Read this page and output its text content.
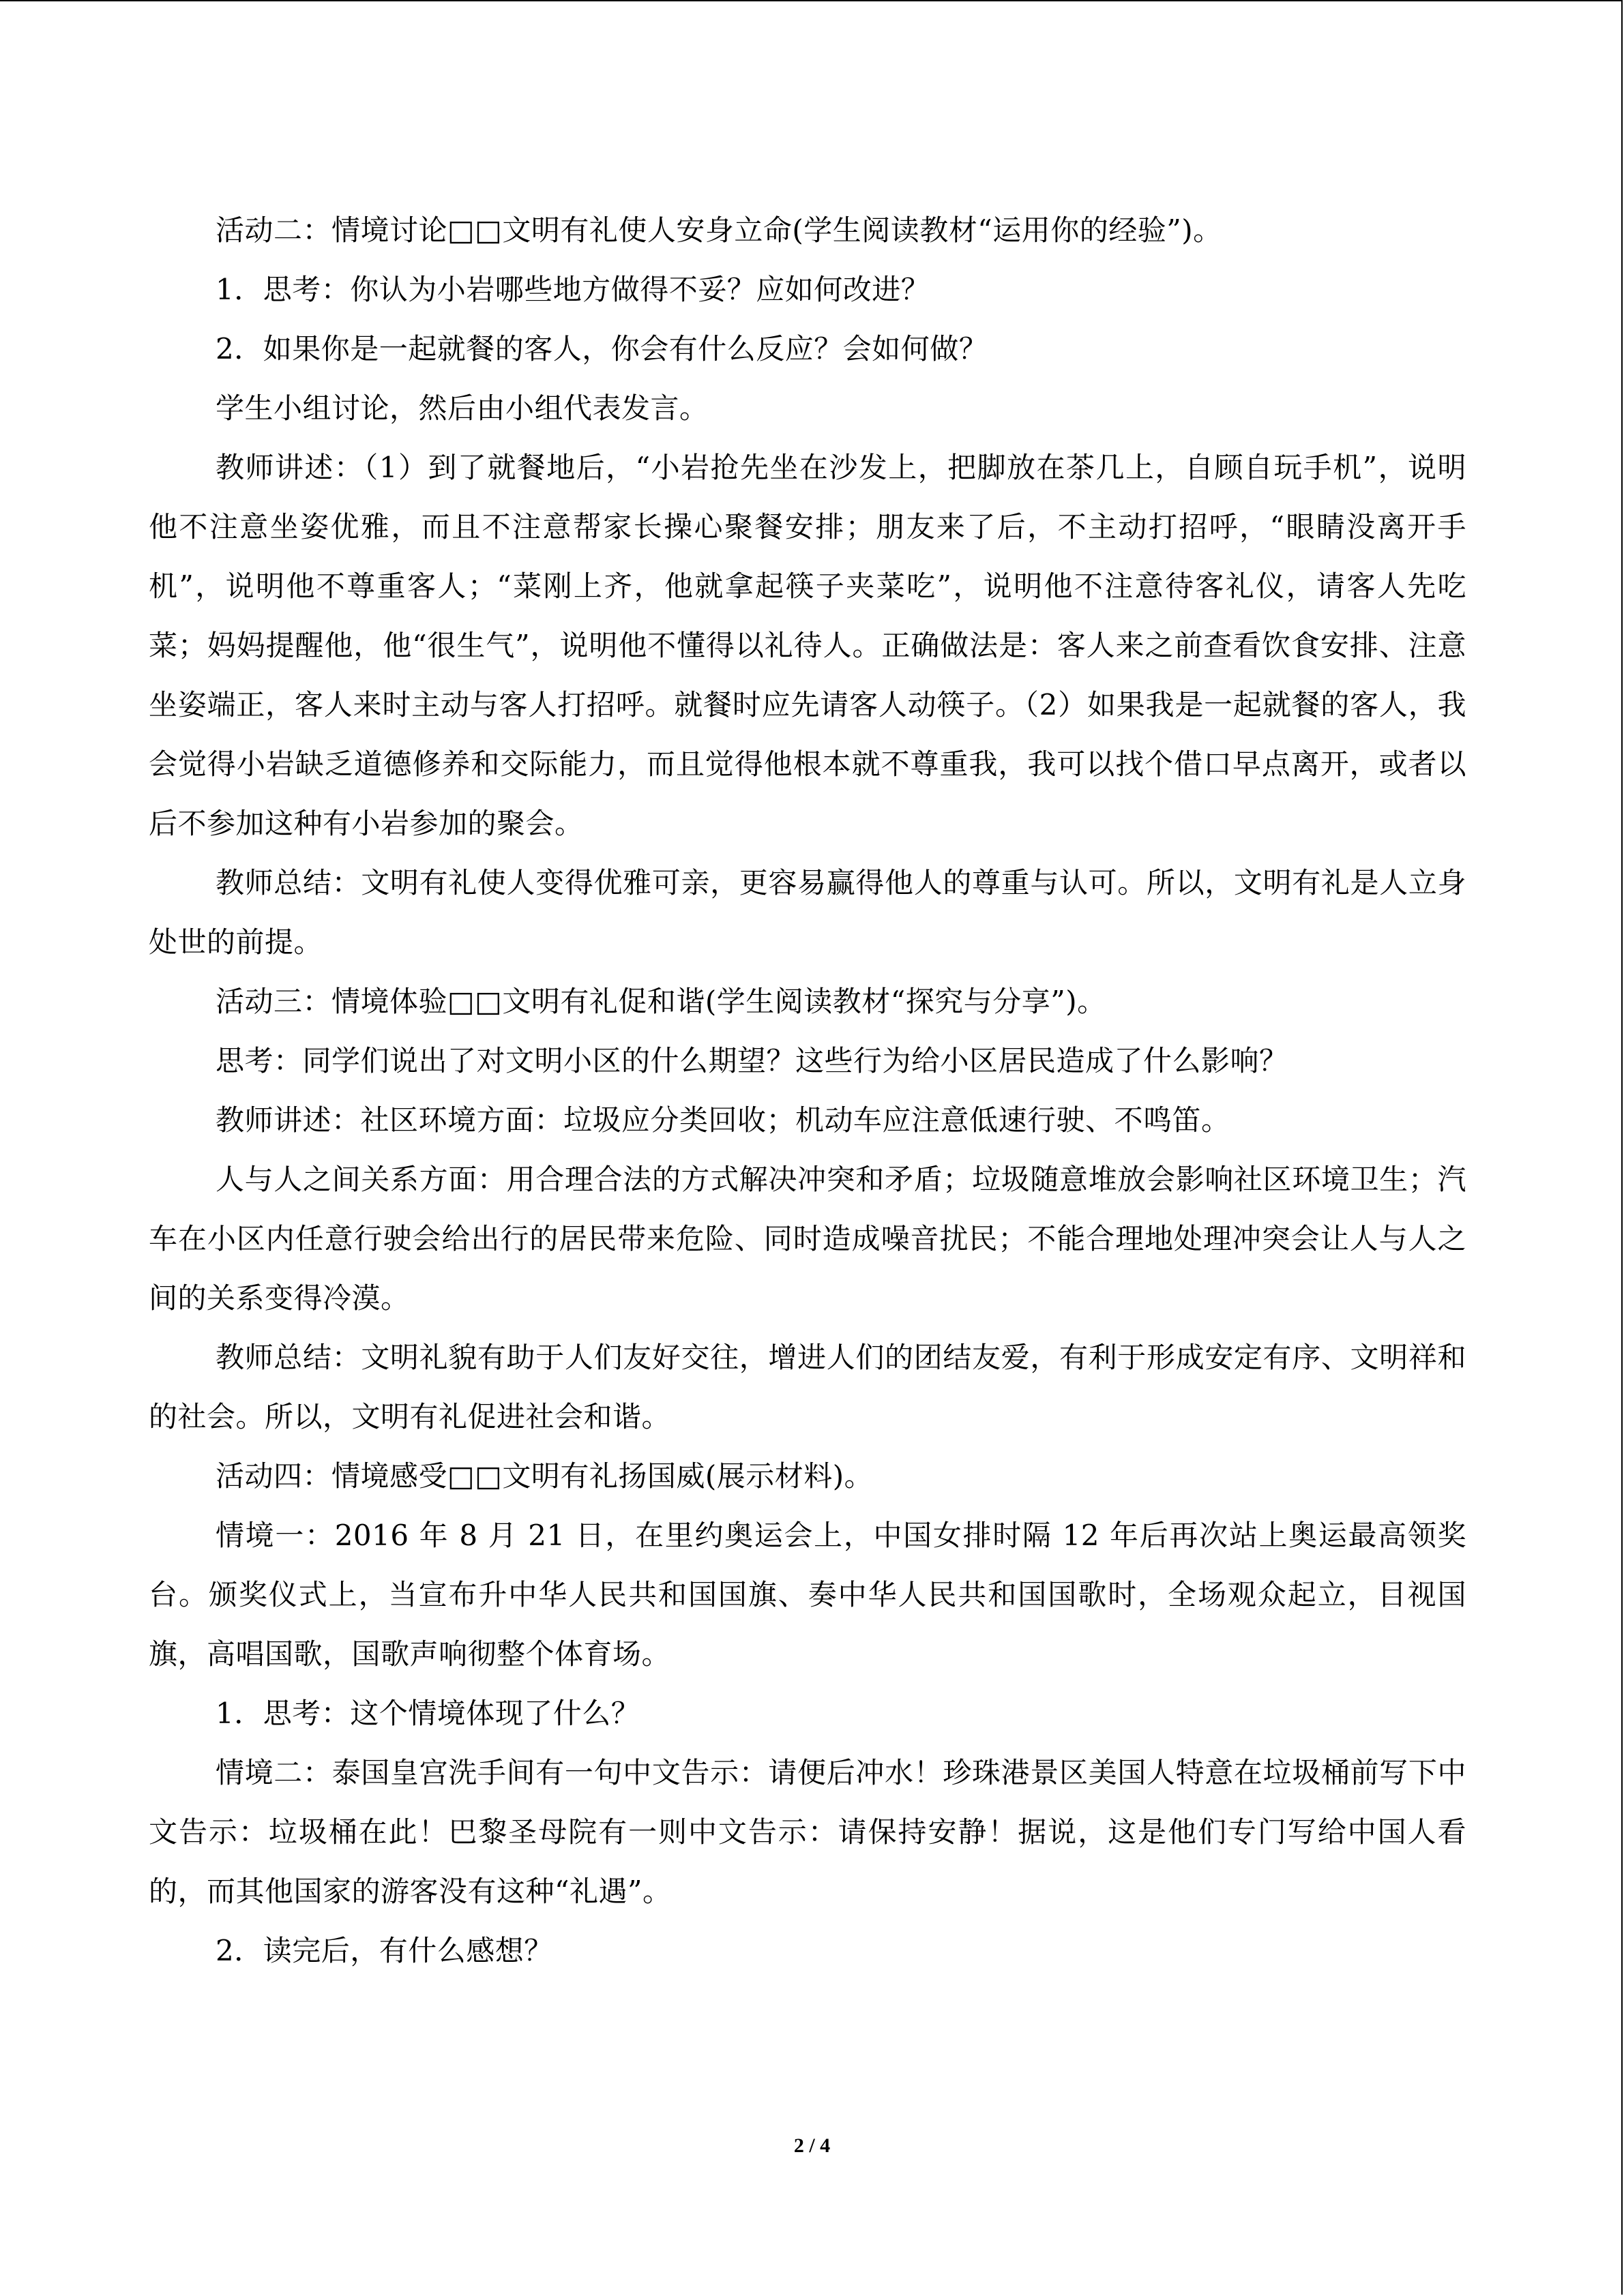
活动二：情境讨论□□文明有礼使人安身立命(学生阅读教材“运用你的经验”)。

1．思考：你认为小岩哪些地方做得不妥？应如何改进？

2．如果你是一起就餐的客人，你会有什么反应？会如何做？

学生小组讨论，然后由小组代表发言。

教师讲述：（1）到了就餐地后，“小岩抢先坐在沙发上，把脚放在茶几上，自顾自玩手机”，说明他不注意坐姿优雅，而且不注意帮家长操心聚餐安排；朋友来了后，不主动打招呼，“眼睛没离开手机”，说明他不尊重客人；“菜刚上齐，他就拿起筷子夹菜吃”，说明他不注意待客礼仪，请客人先吃菜；妈妈提醒他，他“很生气”，说明他不懂得以礼待人。正确做法是：客人来之前查看饮食安排、注意坐姿端正，客人来时主动与客人打招呼。就餐时应先请客人动筷子。（2）如果我是一起就餐的客人，我会觉得小岩缺乏道德修养和交际能力，而且觉得他根本就不尊重我，我可以找个借口早点离开，或者以后不参加这种有小岩参加的聚会。

教师总结：文明有礼使人变得优雅可亲，更容易赢得他人的尊重与认可。所以，文明有礼是人立身处世的前提。

活动三：情境体验□□文明有礼促和谐(学生阅读教材“探究与分享”)。

思考：同学们说出了对文明小区的什么期望？这些行为给小区居民造成了什么影响？

教师讲述：社区环境方面：垃圾应分类回收；机动车应注意低速行驶、不鸣笛。

人与人之间关系方面：用合理合法的方式解决冲突和矛盾；垃圾随意堆放会影响社区环境卫生；汽车在小区内任意行驶会给出行的居民带来危险、同时造成噪音扰民；不能合理地处理冲突会让人与人之间的关系变得冷漠。

教师总结：文明礼貌有助于人们友好交往，增进人们的团结友爱，有利于形成安定有序、文明祥和的社会。所以，文明有礼促进社会和谐。

活动四：情境感受□□文明有礼扬国威(展示材料)。

情境一：2016 年 8 月 21 日，在里约奥运会上，中国女排时隔 12 年后再次站上奥运最高领奖台。颁奖仪式上，当宣布升中华人民共和国国旗、奏中华人民共和国国歌时，全场观众起立，目视国旗，高唱国歌，国歌声响彻整个体育场。

1．思考：这个情境体现了什么？

情境二：泰国皇宫洗手间有一句中文告示：请便后冲水！珍珠港景区美国人特意在垃圾桶前写下中文告示：垃圾桶在此！巴黎圣母院有一则中文告示：请保持安静！据说，这是他们专门写给中国人看的，而其他国家的游客没有这种“礼遇”。

2．读完后，有什么感想？

2 / 4
